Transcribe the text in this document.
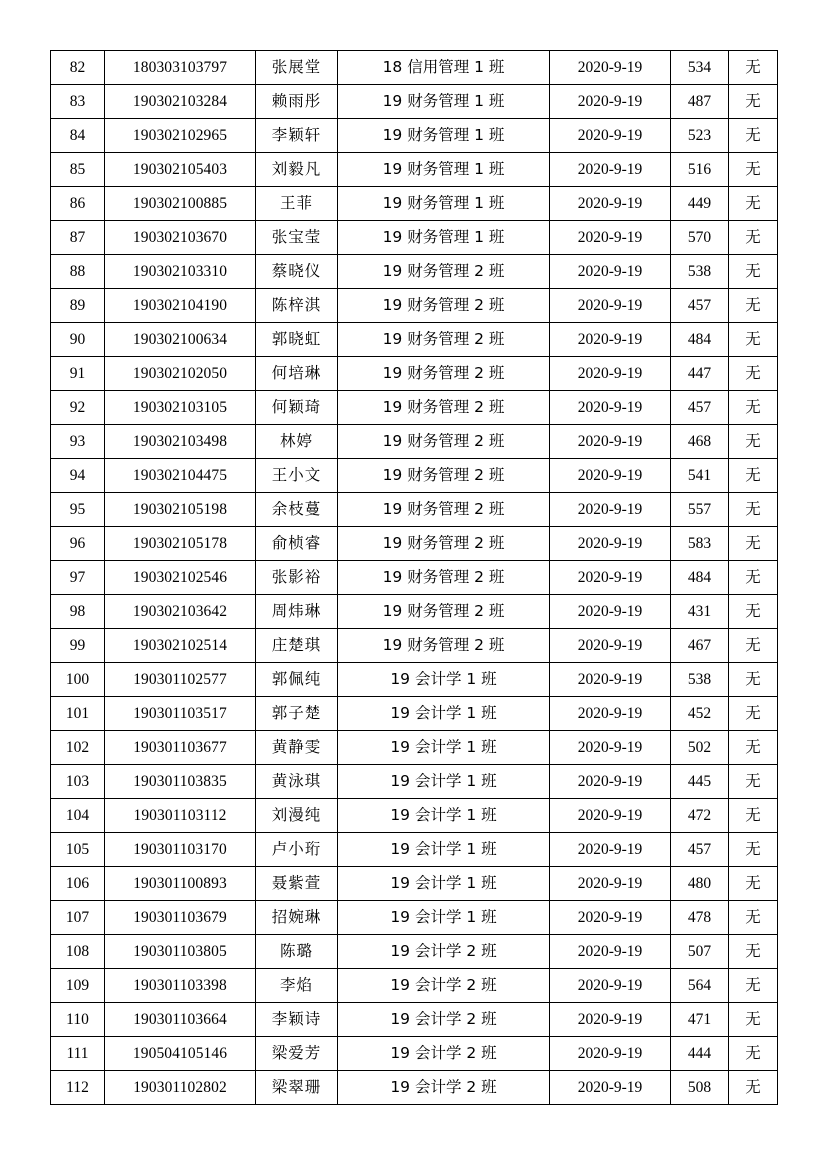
82	180303103797	张展堂	18 信用管理 1 班	2020-9-19	534	无
83	190302103284	赖雨彤	19 财务管理 1 班	2020-9-19	487	无
84	190302102965	李颖轩	19 财务管理 1 班	2020-9-19	523	无
85	190302105403	刘毅凡	19 财务管理 1 班	2020-9-19	516	无
86	190302100885	王菲	19 财务管理 1 班	2020-9-19	449	无
87	190302103670	张宝莹	19 财务管理 1 班	2020-9-19	570	无
88	190302103310	蔡晓仪	19 财务管理 2 班	2020-9-19	538	无
89	190302104190	陈梓淇	19 财务管理 2 班	2020-9-19	457	无
90	190302100634	郭晓虹	19 财务管理 2 班	2020-9-19	484	无
91	190302102050	何培琳	19 财务管理 2 班	2020-9-19	447	无
92	190302103105	何颖琦	19 财务管理 2 班	2020-9-19	457	无
93	190302103498	林婷	19 财务管理 2 班	2020-9-19	468	无
94	190302104475	王小文	19 财务管理 2 班	2020-9-19	541	无
95	190302105198	余枝蔓	19 财务管理 2 班	2020-9-19	557	无
96	190302105178	俞桢睿	19 财务管理 2 班	2020-9-19	583	无
97	190302102546	张影裕	19 财务管理 2 班	2020-9-19	484	无
98	190302103642	周炜琳	19 财务管理 2 班	2020-9-19	431	无
99	190302102514	庄楚琪	19 财务管理 2 班	2020-9-19	467	无
100	190301102577	郭佩纯	19 会计学 1 班	2020-9-19	538	无
101	190301103517	郭子楚	19 会计学 1 班	2020-9-19	452	无
102	190301103677	黄静雯	19 会计学 1 班	2020-9-19	502	无
103	190301103835	黄泳琪	19 会计学 1 班	2020-9-19	445	无
104	190301103112	刘漫纯	19 会计学 1 班	2020-9-19	472	无
105	190301103170	卢小珩	19 会计学 1 班	2020-9-19	457	无
106	190301100893	聂紫萱	19 会计学 1 班	2020-9-19	480	无
107	190301103679	招婉琳	19 会计学 1 班	2020-9-19	478	无
108	190301103805	陈璐	19 会计学 2 班	2020-9-19	507	无
109	190301103398	李焰	19 会计学 2 班	2020-9-19	564	无
110	190301103664	李颖诗	19 会计学 2 班	2020-9-19	471	无
111	190504105146	梁爱芳	19 会计学 2 班	2020-9-19	444	无
112	190301102802	梁翠珊	19 会计学 2 班	2020-9-19	508	无
